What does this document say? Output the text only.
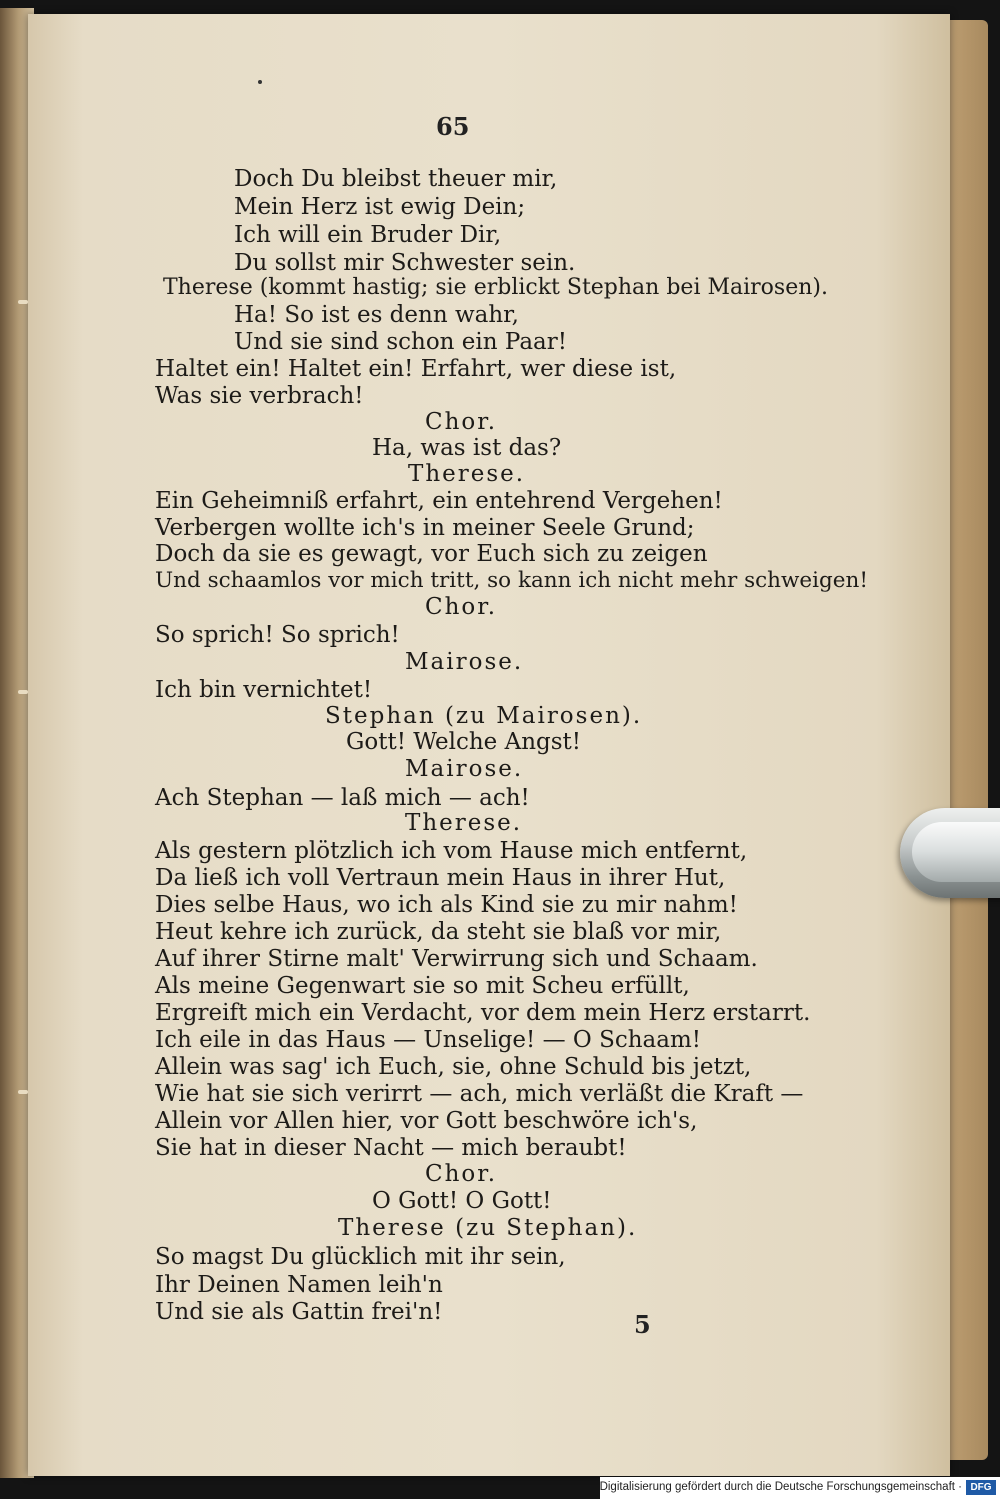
65
Doch Du bleibst theuer mir,
Mein Herz ist ewig Dein;
Ich will ein Bruder Dir,
Du sollst mir Schwester sein.
Therese (kommt hastig; sie erblickt Stephan bei Mairosen).
Ha! So ist es denn wahr,
Und sie sind schon ein Paar!
Haltet ein! Haltet ein! Erfahrt, wer diese ist,
Was sie verbrach!
Chor.
Ha, was ist das?
Therese.
Ein Geheimniß erfahrt, ein entehrend Vergehen!
Verbergen wollte ich's in meiner Seele Grund;
Doch da sie es gewagt, vor Euch sich zu zeigen
Und schaamlos vor mich tritt, so kann ich nicht mehr schweigen!
Chor.
So sprich! So sprich!
Mairose.
Ich bin vernichtet!
Stephan (zu Mairosen).
Gott! Welche Angst!
Mairose.
Ach Stephan — laß mich — ach!
Therese.
Als gestern plötzlich ich vom Hause mich entfernt,
Da ließ ich voll Vertraun mein Haus in ihrer Hut,
Dies selbe Haus, wo ich als Kind sie zu mir nahm!
Heut kehre ich zurück, da steht sie blaß vor mir,
Auf ihrer Stirne malt' Verwirrung sich und Schaam.
Als meine Gegenwart sie so mit Scheu erfüllt,
Ergreift mich ein Verdacht, vor dem mein Herz erstarrt.
Ich eile in das Haus — Unselige! — O Schaam!
Allein was sag' ich Euch, sie, ohne Schuld bis jetzt,
Wie hat sie sich verirrt — ach, mich verläßt die Kraft —
Allein vor Allen hier, vor Gott beschwöre ich's,
Sie hat in dieser Nacht — mich beraubt!
Chor.
O Gott! O Gott!
Therese (zu Stephan).
So magst Du glücklich mit ihr sein,
Ihr Deinen Namen leih'n
Und sie als Gattin frei'n!	5
Digitalisierung gefördert durch die Deutsche Forschungsgemeinschaft · DFG
